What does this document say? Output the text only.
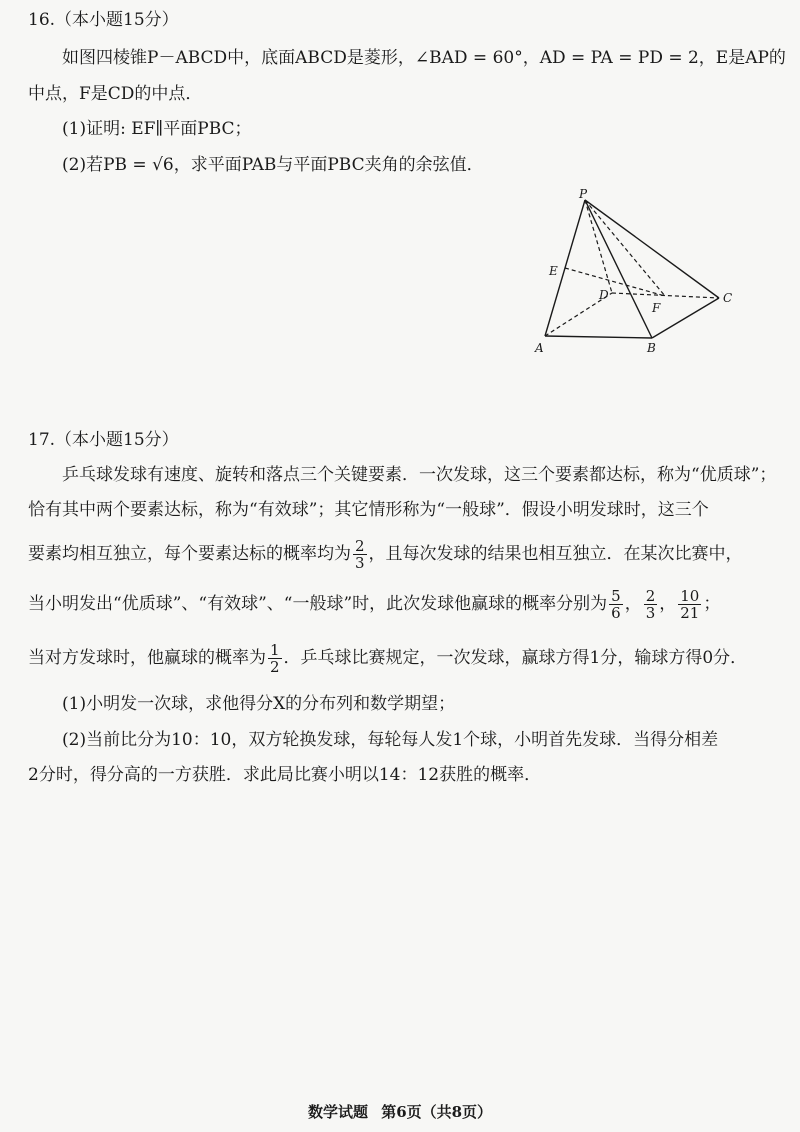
16.（本小题15分）
如图四棱锥P－ABCD中，底面ABCD是菱形，∠BAD = 60°，AD = PA = PD = 2，E是AP的
中点，F是CD的中点．
(1)证明: EF∥平面PBC；
(2)若PB = √6，求平面PAB与平面PBC夹角的余弦值．
P
E
D
F
C
A	B
17.（本小题15分）
乒乓球发球有速度、旋转和落点三个关键要素．一次发球，这三个要素都达标，称为“优质球”；
恰有其中两个要素达标，称为“有效球”；其它情形称为“一般球”．假设小明发球时，这三个
要素均相互独立，每个要素达标的概率均为 $\frac{2}{3}$ ，且每次发球的结果也相互独立．在某次比赛中，
当小明发出“优质球”、“有效球”、“一般球”时，此次发球他赢球的概率分别为 $\frac{5}{6}$ ， $\frac{2}{3}$ ， $\frac{10}{21}$ ；
当对方发球时，他赢球的概率为 $\frac{1}{2}$ ．乒乓球比赛规定，一次发球，赢球方得1分，输球方得0分．
(1)小明发一次球，求他得分X的分布列和数学期望；
(2)当前比分为10：10，双方轮换发球，每轮每人发1个球，小明首先发球．当得分相差
2分时，得分高的一方获胜．求此局比赛小明以14：12获胜的概率．
数学试题 第6页（共8页）
